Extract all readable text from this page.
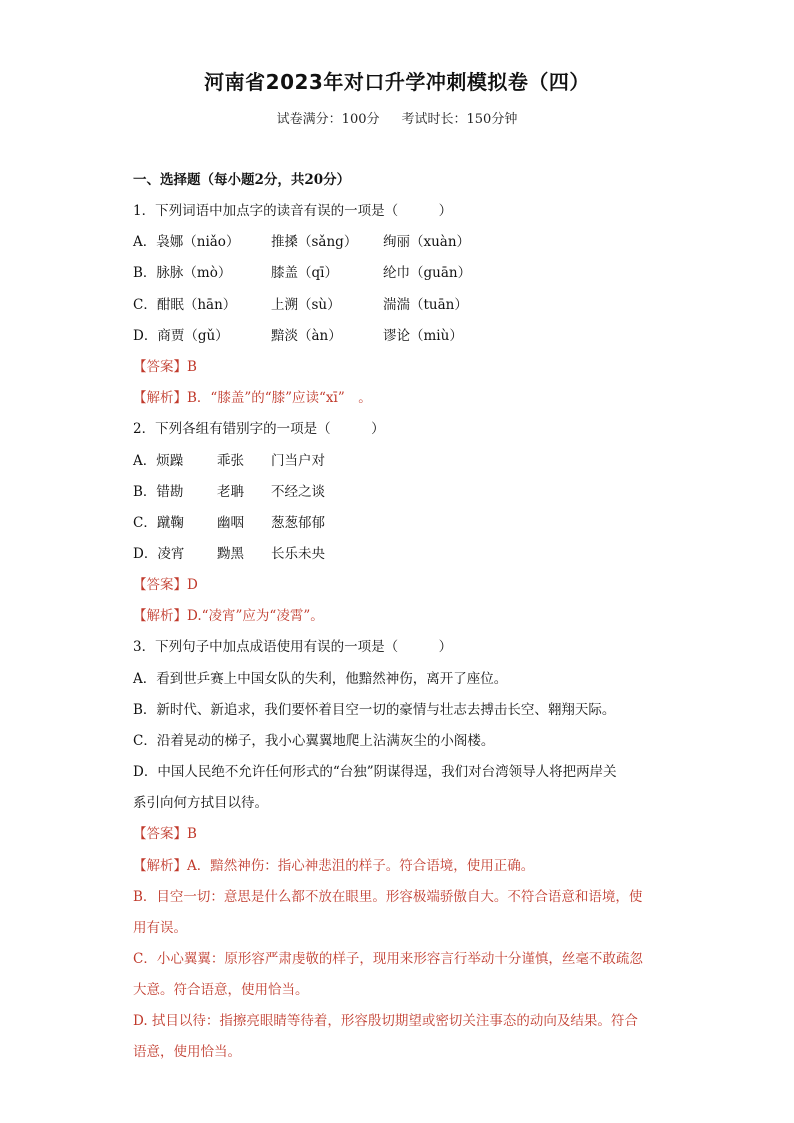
河南省2023年对口升学冲刺模拟卷（四）
试卷满分：100分 考试时长：150分钟
一、选择题（每小题2分，共20分）
1．下列词语中加点字的读音有误的一项是（　　　）
A．袅娜（niǎo） 推搡（sǎng） 绚丽（xuàn）
B．脉脉（mò）	膝盖（qī）	纶巾（guān）
C．酣眠（hān）	上溯（sù）	湍湍（tuān）
D．商贾（gǔ）	黯淡（àn）	谬论（miù）
【答案】B
【解析】B．“膝盖”的“膝”应读“xī”　。
2．下列各组有错别字的一项是（　　　）
A．烦躁	乖张 门当户对
B．错勘 老聃 不经之谈
C．蹴鞠 幽咽 葱葱郁郁
D．凌宵 黝黑 长乐未央
【答案】D
【解析】D.“凌宵”应为“凌霄”。
3．下列句子中加点成语使用有误的一项是（　　　）
A．看到世乒赛上中国女队的失利，他黯然神伤，离开了座位。
B．新时代、新追求，我们要怀着目空一切的豪情与壮志去搏击长空、翱翔天际。
C．沿着晃动的梯子，我小心翼翼地爬上沾满灰尘的小阁楼。
D．中国人民绝不允许任何形式的“台独”阴谋得逞，我们对台湾领导人将把两岸关
系引向何方拭目以待。
【答案】B
【解析】A．黯然神伤：指心神悲沮的样子。符合语境，使用正确。
B．目空一切：意思是什么都不放在眼里。形容极端骄傲自大。不符合语意和语境，使
用有误。
C．小心翼翼：原形容严肃虔敬的样子，现用来形容言行举动十分谨慎，丝毫不敢疏忽
大意。符合语意，使用恰当。
D. 拭目以待：指擦亮眼睛等待着，形容殷切期望或密切关注事态的动向及结果。符合
语意，使用恰当。
